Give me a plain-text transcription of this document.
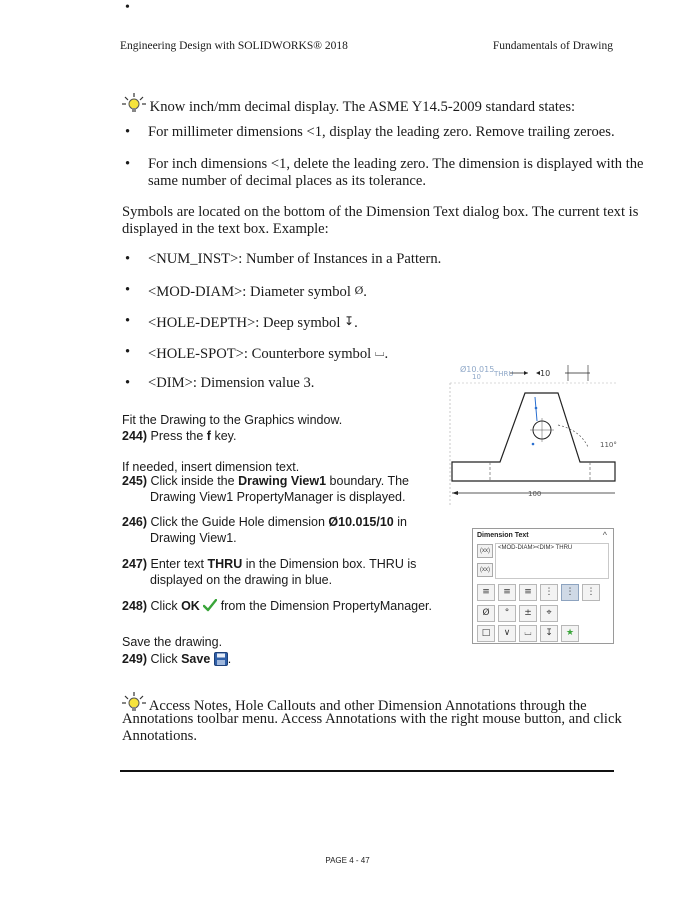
Engineering Design with SOLIDWORKS® 2018	Fundamentals of Drawing
Know inch/mm decimal display. The ASME Y14.5-2009 standard states:
•
• For millimeter dimensions <1, display the leading zero. Remove trailing zeroes.
• For inch dimensions <1, delete the leading zero. The dimension is displayed with the
same number of decimal places as its tolerance.
Symbols are located on the bottom of the Dimension Text dialog box. The current text is
displayed in the text box. Example:
• <NUM_INST>: Number of Instances in a Pattern.
• <MOD-DIAM>: Diameter symbol Ø.
• <HOLE-DEPTH>: Deep symbol ↧.
• <HOLE-SPOT>: Counterbore symbol ⌴.
• <DIM>: Dimension value 3.
Ø10.015
10 THRU	10
110°
100
Fit the Drawing to the Graphics window.
244) Press the f key.
If needed, insert dimension text.
245) Click inside the Drawing View1 boundary. The
Drawing View1 PropertyManager is displayed.
246) Click the Guide Hole dimension Ø10.015/10 in
Drawing View1.
247) Enter text THRU in the Dimension box. THRU is
displayed on the drawing in blue.
248) Click OK  from the Dimension PropertyManager.
Save the drawing.
249) Click Save .
Dimension Text	^
(xx)	<MOD-DIAM><DIM> THRU
(xx)
≡ ≡ ≡ ⋮ ⋮ ⋮
Ø ° ± ⌖
□ ∨ ⌴ ↧ ★
Access Notes, Hole Callouts and other Dimension Annotations through the
Annotations toolbar menu. Access Annotations with the right mouse button, and click
Annotations.
PAGE 4 - 47
